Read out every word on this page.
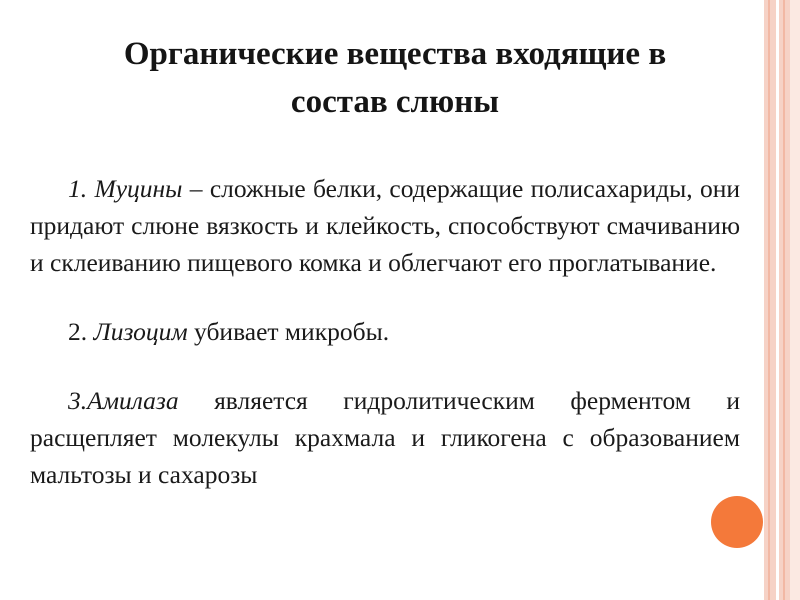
Органические вещества входящие в
состав слюны

1. Муцины – сложные белки, содержащие полисахариды, они придают слюне вязкость и клейкость, способствуют смачиванию и склеиванию пищевого комка и облегчают его проглатывание.

2. Лизоцим убивает микробы.

3.Амилаза является гидролитическим ферментом и расщепляет молекулы крахмала и гликогена с образованием мальтозы и сахарозы
